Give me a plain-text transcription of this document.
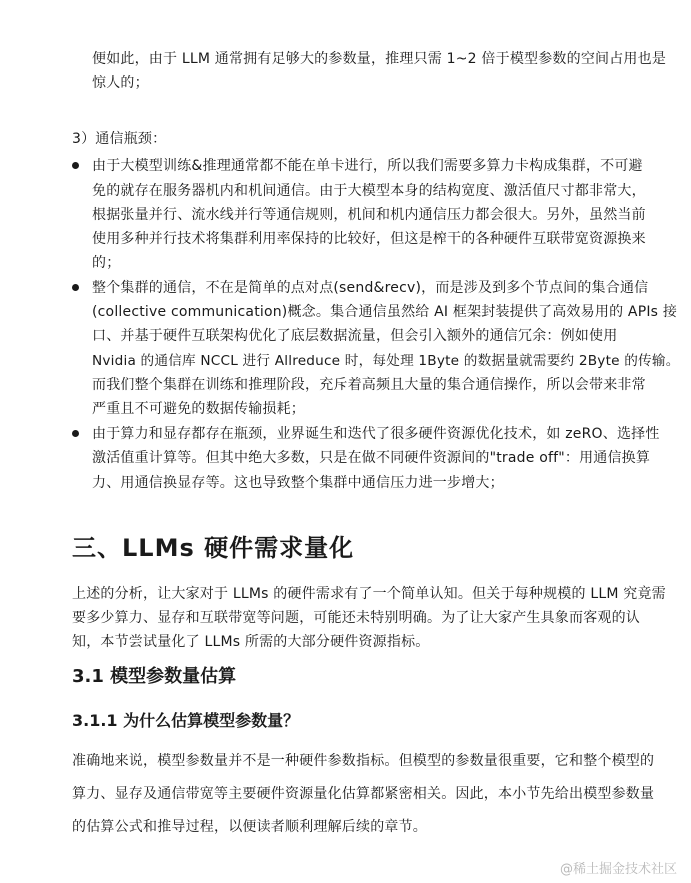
便如此，由于 LLM 通常拥有足够大的参数量，推理只需 1~2 倍于模型参数的空间占用也是
惊人的；
3）通信瓶颈：
由于大模型训练&推理通常都不能在单卡进行，所以我们需要多算力卡构成集群，不可避
免的就存在服务器机内和机间通信。由于大模型本身的结构宽度、激活值尺寸都非常大，
根据张量并行、流水线并行等通信规则，机间和机内通信压力都会很大。另外，虽然当前
使用多种并行技术将集群利用率保持的比较好，但这是榨干的各种硬件互联带宽资源换来
的；
整个集群的通信，不在是简单的点对点(send&recv)，而是涉及到多个节点间的集合通信
(collective communication)概念。集合通信虽然给 AI 框架封装提供了高效易用的 APIs 接
口、并基于硬件互联架构优化了底层数据流量，但会引入额外的通信冗余：例如使用
Nvidia 的通信库 NCCL 进行 Allreduce 时，每处理 1Byte 的数据量就需要约 2Byte 的传输。
而我们整个集群在训练和推理阶段，充斥着高频且大量的集合通信操作，所以会带来非常
严重且不可避免的数据传输损耗；
由于算力和显存都存在瓶颈，业界诞生和迭代了很多硬件资源优化技术，如 zeRO、选择性
激活值重计算等。但其中绝大多数，只是在做不同硬件资源间的"trade off"：用通信换算
力、用通信换显存等。这也导致整个集群中通信压力进一步增大；
三、LLMs 硬件需求量化
上述的分析，让大家对于 LLMs 的硬件需求有了一个简单认知。但关于每种规模的 LLM 究竟需
要多少算力、显存和互联带宽等问题，可能还未特别明确。为了让大家产生具象而客观的认
知，本节尝试量化了 LLMs 所需的大部分硬件资源指标。
3.1 模型参数量估算
3.1.1 为什么估算模型参数量？
准确地来说，模型参数量并不是一种硬件参数指标。但模型的参数量很重要，它和整个模型的
算力、显存及通信带宽等主要硬件资源量化估算都紧密相关。因此，本小节先给出模型参数量
的估算公式和推导过程，以便读者顺利理解后续的章节。
@稀土掘金技术社区
